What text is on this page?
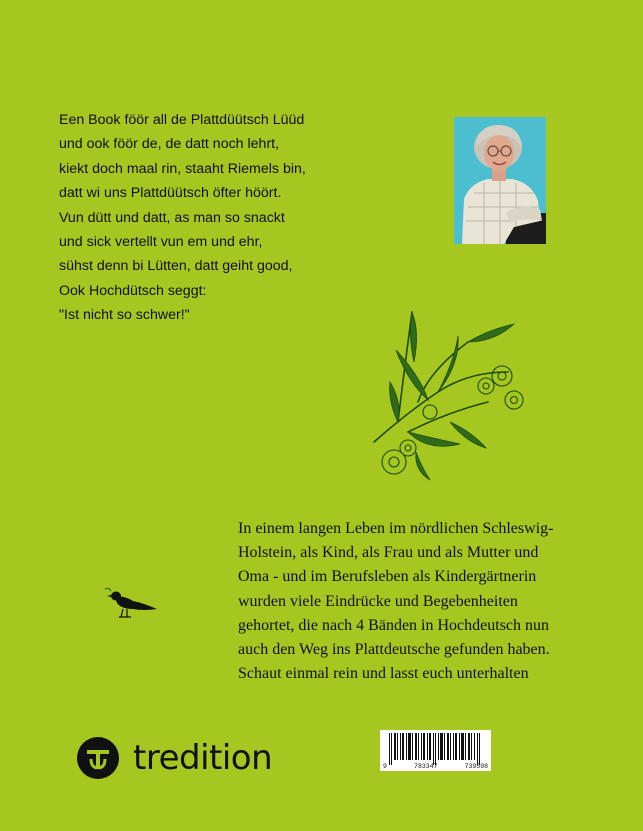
Een Book föör all de Plattdüütsch Lüüd
und ook föör de, de datt noch lehrt,
kiekt doch maal rin, staaht Riemels bin,
datt wi uns Plattdüütsch öfter höört.
Vun dütt und datt, as man so snackt
und sick vertellt vun em und ehr,
sühst denn bi Lütten, datt geiht good,
Ook Hochdütsch seggt:
"Ist nicht so schwer!"
In einem langen Leben im nördlichen Schleswig-
Holstein, als Kind, als Frau und als Mutter und
Oma - und im Berufsleben als Kindergärtnerin
wurden viele Eindrücke und Begebenheiten
gehortet, die nach 4 Bänden in Hochdeutsch nun
auch den Weg ins Plattdeutsche gefunden haben.
Schaut einmal rein und lasst euch unterhalten
tredition	9	783347	739598
